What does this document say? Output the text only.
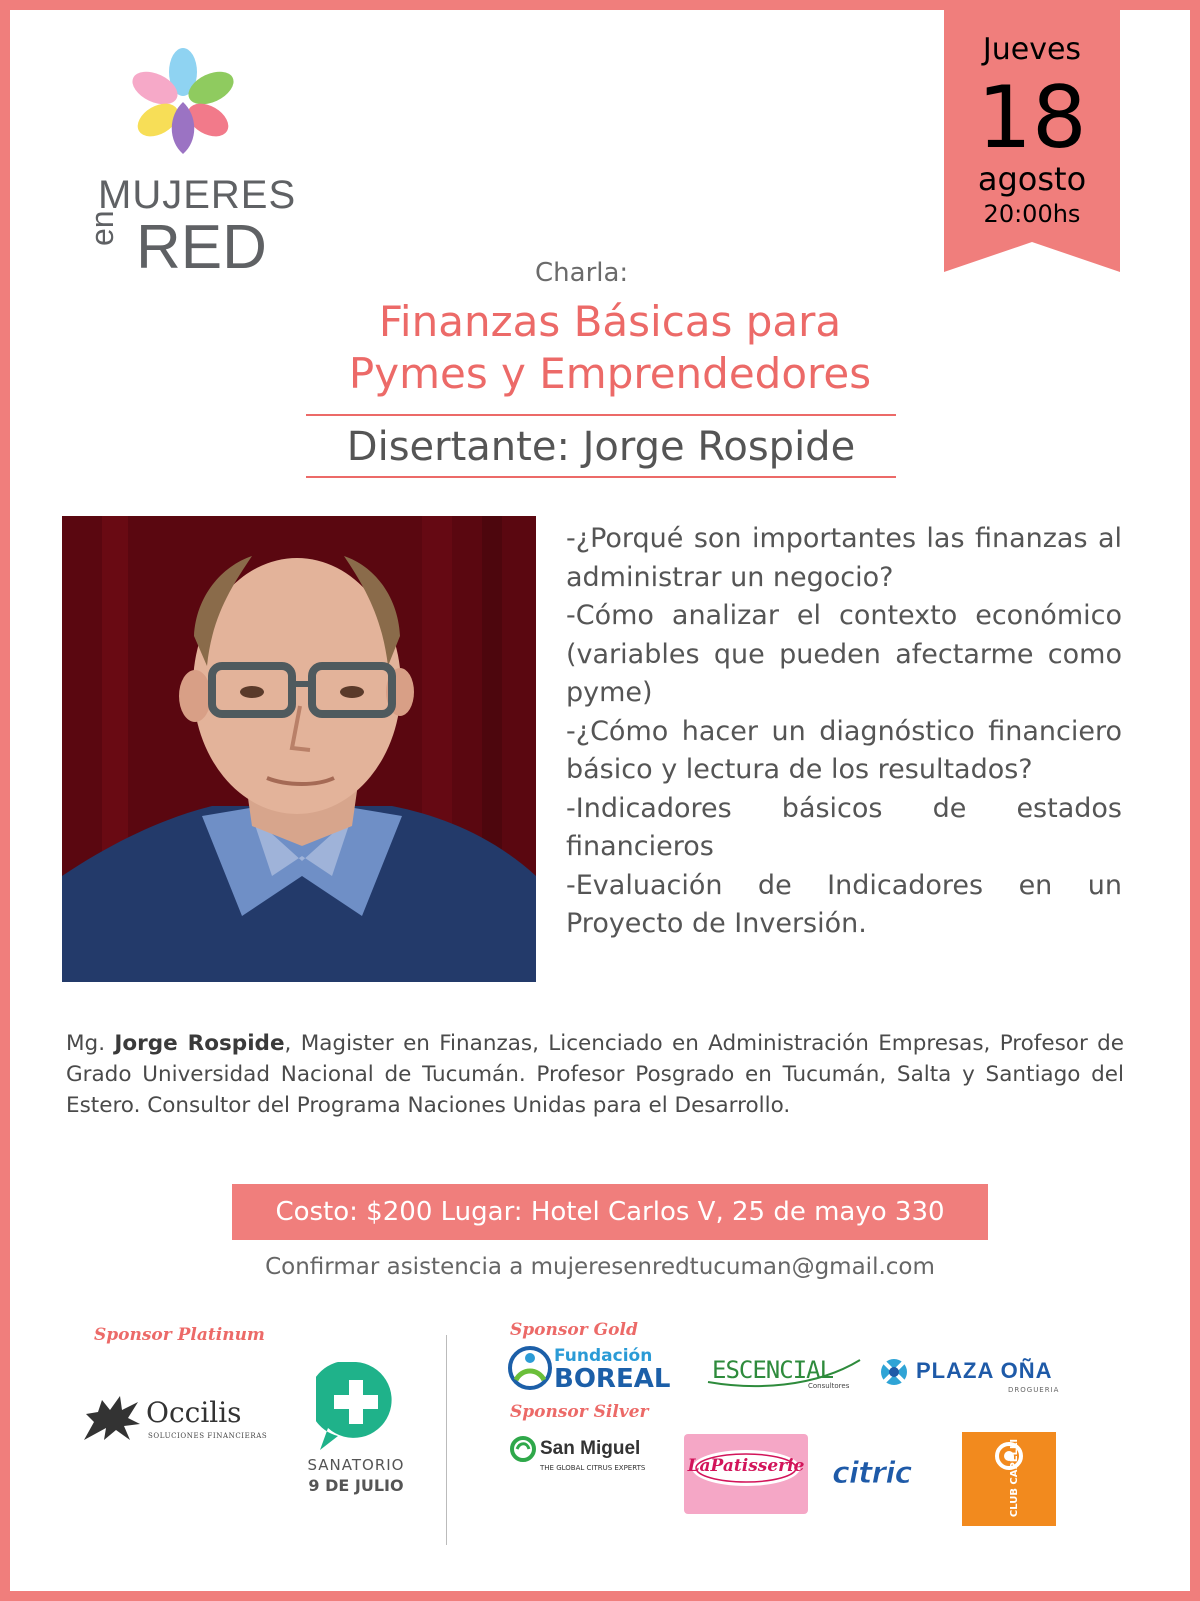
MUJERES
en RED
Jueves
18
agosto
20:00hs
Charla:
Finanzas Básicas para
Pymes y Emprendedores
Disertante: Jorge Rospide

-¿Porqué son importantes las finanzas al administrar un negocio?

-Cómo analizar el contexto económico (variables que pueden afectarme como pyme)

-¿Cómo hacer un diagnóstico financiero básico y lectura de los resultados?

-Indicadores básicos de estados financieros

-Evaluación de Indicadores en un Proyecto de Inversión.

Mg. Jorge Rospide, Magister en Finanzas, Licenciado en Administración Empresas, Profesor de Grado Universidad Nacional de Tucumán. Profesor Posgrado en Tucumán, Salta y Santiago del Estero. Consultor del Programa Naciones Unidas para el Desarrollo.
Costo: $200 Lugar: Hotel Carlos V, 25 de mayo 330
Confirmar asistencia a mujeresenredtucuman@gmail.com
Sponsor Platinum	Sponsor Gold
Sponsor Silver
Occilis
SOLUCIONES FINANCIERAS
SANATORIO
9 DE JULIO
Fundación
BOREAL ESCENCIAL
Consultores
PLAZA OÑA
DROGUERIA
San Miguel
THE GLOBAL CITRUS EXPERTS LaPatisserie citric	CLUB CAPELLI
